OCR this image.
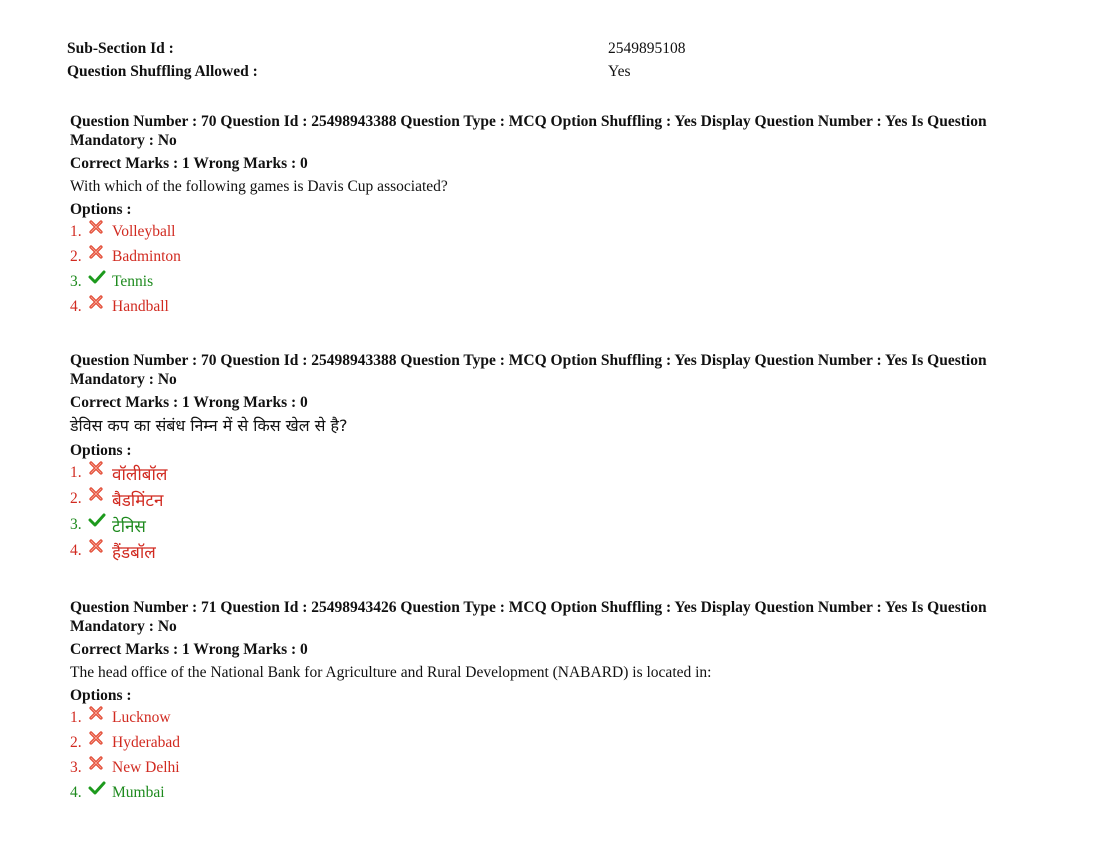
Sub-Section Id :	2549895108
Question Shuffling Allowed :	Yes
Question Number : 70 Question Id : 25498943388 Question Type : MCQ Option Shuffling : Yes Display Question Number : Yes Is Question Mandatory : No
Correct Marks : 1 Wrong Marks : 0
With which of the following games is Davis Cup associated?
Options :
1. Volleyball
2. Badminton
3. Tennis
4. Handball
Question Number : 70 Question Id : 25498943388 Question Type : MCQ Option Shuffling : Yes Display Question Number : Yes Is Question Mandatory : No
Correct Marks : 1 Wrong Marks : 0
डेविस कप का संबंध निम्न में से किस खेल से है?
Options :
1. वॉलीबॉल
2. बैडमिंटन
3. टेनिस
4. हैंडबॉल
Question Number : 71 Question Id : 25498943426 Question Type : MCQ Option Shuffling : Yes Display Question Number : Yes Is Question Mandatory : No
Correct Marks : 1 Wrong Marks : 0
The head office of the National Bank for Agriculture and Rural Development (NABARD) is located in:
Options :
1. Lucknow
2. Hyderabad
3. New Delhi
4. Mumbai
